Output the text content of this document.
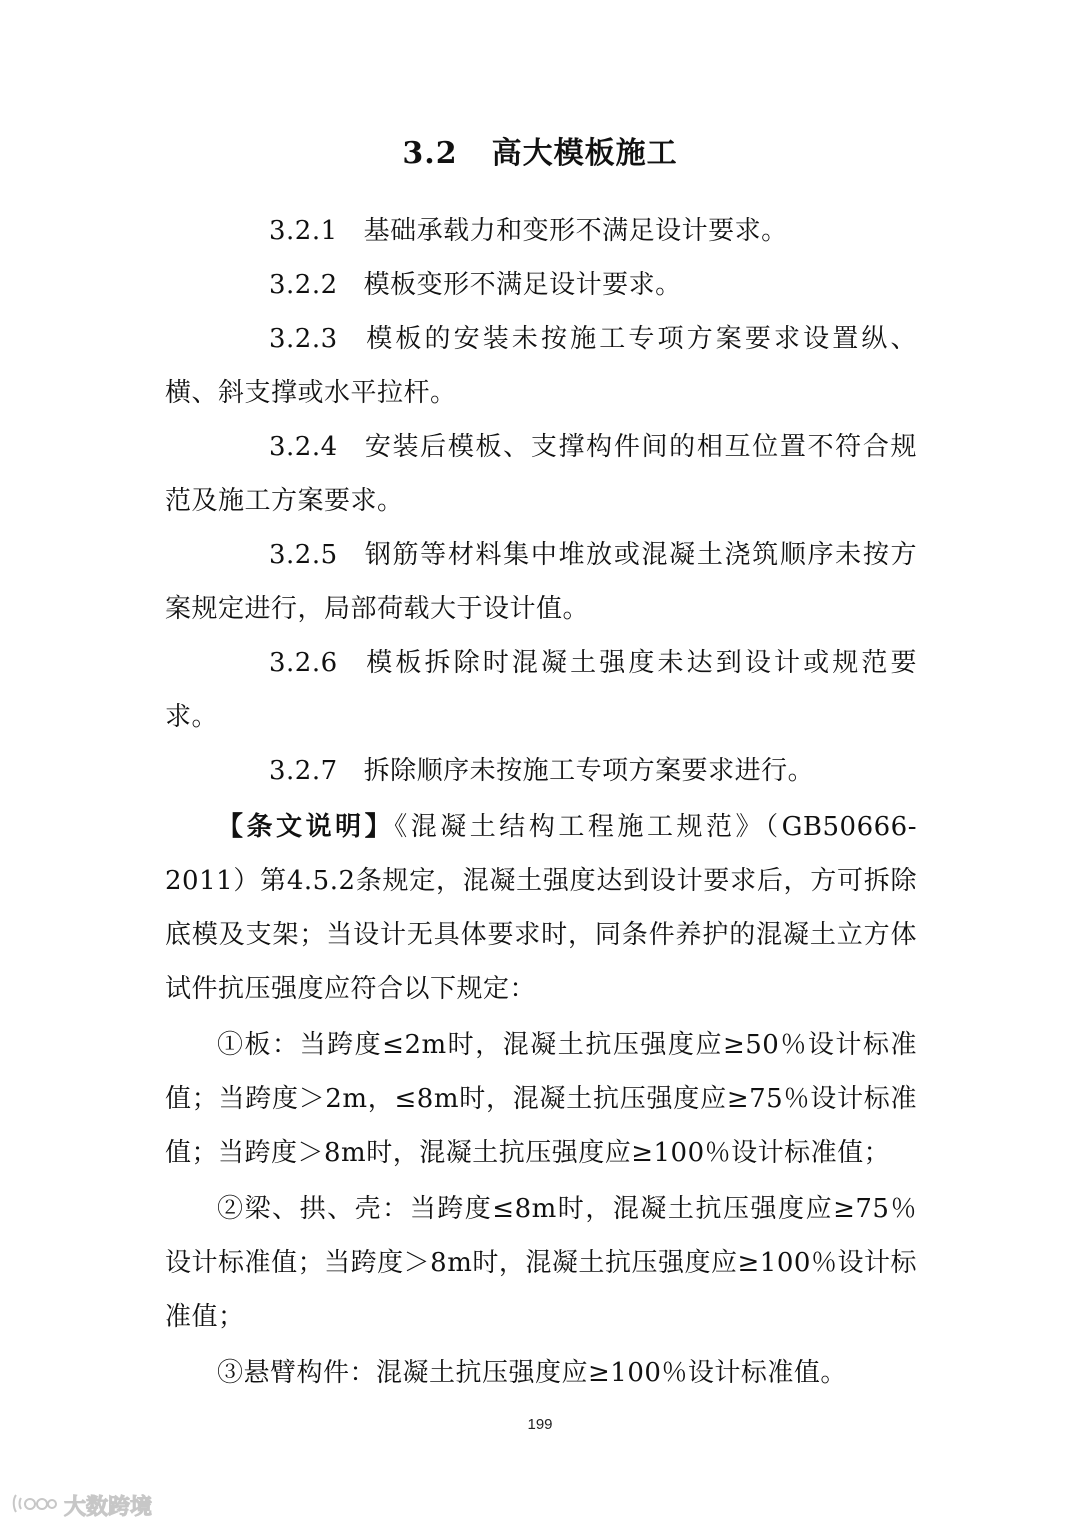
3.2 高大模板施工

3.2.1 基础承载力和变形不满足设计要求。

3.2.2 模板变形不满足设计要求。

3.2.3 模板的安装未按施工专项方案要求设置纵、横、斜支撑或水平拉杆。

3.2.4 安装后模板、支撑构件间的相互位置不符合规范及施工方案要求。

3.2.5 钢筋等材料集中堆放或混凝土浇筑顺序未按方案规定进行，局部荷载大于设计值。

3.2.6 模板拆除时混凝土强度未达到设计或规范要求。

3.2.7 拆除顺序未按施工专项方案要求进行。

【条文说明】《混凝土结构工程施工规范》（GB50666-2011）第4.5.2条规定，混凝土强度达到设计要求后，方可拆除底模及支架；当设计无具体要求时，同条件养护的混凝土立方体试件抗压强度应符合以下规定：

①板：当跨度≤2m时，混凝土抗压强度应≥50％设计标准值；当跨度＞2m，≤8m时，混凝土抗压强度应≥75％设计标准值；当跨度＞8m时，混凝土抗压强度应≥100％设计标准值；

②梁、拱、壳：当跨度≤8m时，混凝土抗压强度应≥75％设计标准值；当跨度＞8m时，混凝土抗压强度应≥100％设计标准值；

③悬臂构件：混凝土抗压强度应≥100％设计标准值。

199
大数跨境
